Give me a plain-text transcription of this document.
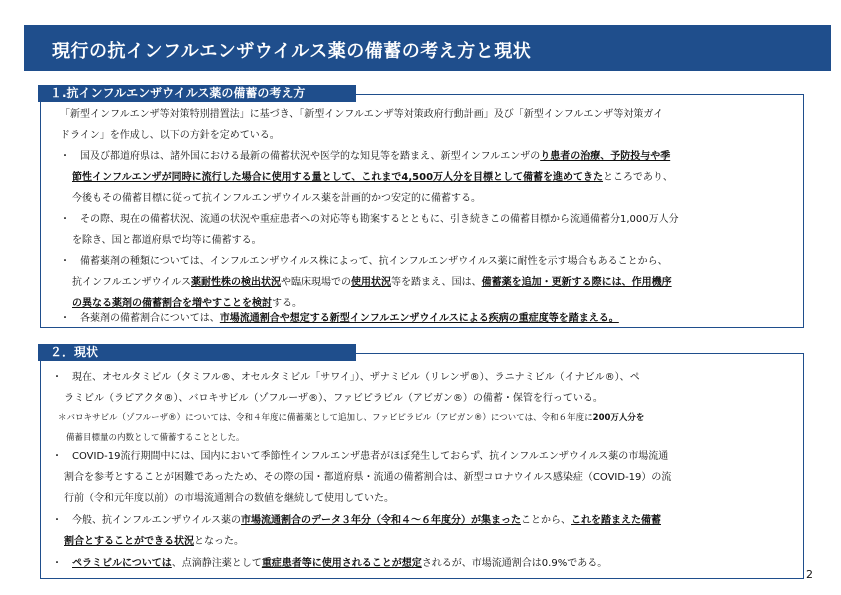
現行の抗インフルエンザウイルス薬の備蓄の考え方と現状
１.抗インフルエンザウイルス薬の備蓄の考え方
「新型インフルエンザ等対策特別措置法」に基づき、「新型インフルエンザ等対策政府行動計画」及び「新型インフルエンザ等対策ガイ
ドライン」を作成し、以下の方針を定めている。
・　国及び都道府県は、諸外国における最新の備蓄状況や医学的な知見等を踏まえ、新型インフルエンザのり患者の治療、予防投与や季
節性インフルエンザが同時に流行した場合に使用する量として、これまで4,500万人分を目標として備蓄を進めてきたところであり、
今後もその備蓄目標に従って抗インフルエンザウイルス薬を計画的かつ安定的に備蓄する。
・　その際、現在の備蓄状況、流通の状況や重症患者への対応等も勘案するとともに、引き続きこの備蓄目標から流通備蓄分1,000万人分
を除き、国と都道府県で均等に備蓄する。
・　備蓄薬剤の種類については、インフルエンザウイルス株によって、抗インフルエンザウイルス薬に耐性を示す場合もあることから、
抗インフルエンザウイルス薬耐性株の検出状況や臨床現場での使用状況等を踏まえ、国は、備蓄薬を追加・更新する際には、作用機序
の異なる薬剤の備蓄割合を増やすことを検討する。
・　各薬剤の備蓄割合については、市場流通割合や想定する新型インフルエンザウイルスによる疾病の重症度等を踏まえる。
２．現状
・　現在、オセルタミビル（タミフル®、オセルタミビル「サワイ」）、ザナミビル（リレンザ®）、ラニナミビル（イナビル®）、ペ
ラミビル（ラピアクタ®）、バロキサビル（ゾフルーザ®）、ファビピラビル（アビガン®）の備蓄・保管を行っている。
＊バロキサビル（ゾフルーザ®）については、令和４年度に備蓄薬として追加し、ファビピラビル（アビガン®）については、令和６年度に200万人分を
備蓄目標量の内数として備蓄することとした。
・　COVID-19流行期間中には、国内において季節性インフルエンザ患者がほぼ発生しておらず、抗インフルエンザウイルス薬の市場流通
割合を参考とすることが困難であったため、その際の国・都道府県・流通の備蓄割合は、新型コロナウイルス感染症（COVID-19）の流
行前（令和元年度以前）の市場流通割合の数値を継続して使用していた。
・　今般、抗インフルエンザウイルス薬の市場流通割合のデータ３年分（令和４～６年度分）が集まったことから、これを踏まえた備蓄
割合とすることができる状況となった。
・　ペラミビルについては、点滴静注薬として重症患者等に使用されることが想定されるが、市場流通割合は0.9%である。
2
